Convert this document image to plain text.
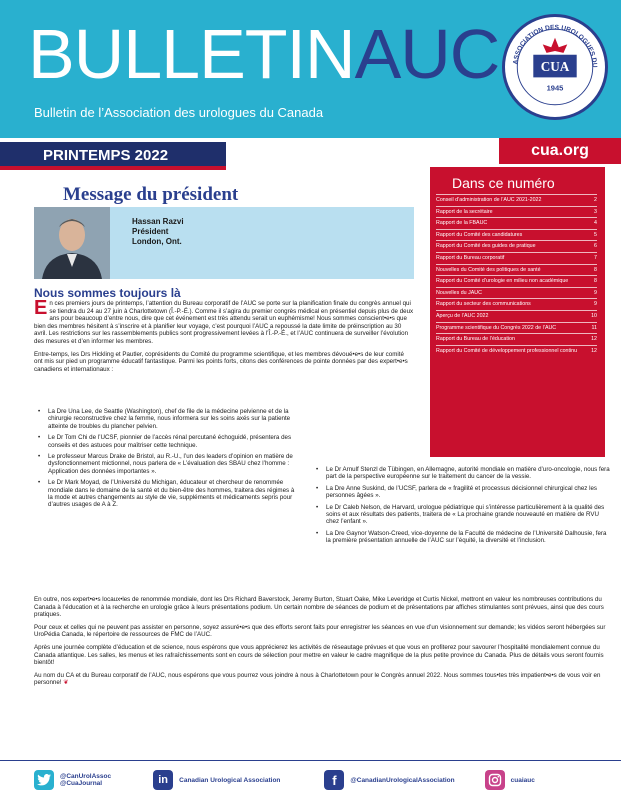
BULLETINAUC
Bulletin de l’Association des urologues du Canada
CUA
1945
ASSOCIATION DES UROLOGUES DU
PRINTEMPS 2022	cua.org
Message du président
Hassan Razvi
Président
London, Ont.
Nous sommes toujours là

En ces premiers jours de printemps, l’attention du Bureau corporatif de l’AUC se porte sur la planification finale du congrès annuel qui se tiendra du 24 au 27 juin à Charlottetown (Î.-P.-É.). Comme il s’agira du premier congrès médical en présentiel depuis plus de deux ans pour beaucoup d’entre nous, dire que cet événement est très attendu serait un euphémisme! Nous sommes conscient•e•s que bien des membres hésitent à s’inscrire et à planifier leur voyage, c’est pourquoi l’AUC a repoussé la date limite de préinscription au 30 avril. Les restrictions sur les rassemblements publics sont progressivement levées à l’Î.-P.-É., et l’AUC continuera de surveiller l’évolution des mesures et d’en informer les membres.

Entre-temps, les Drs Hickling et Pautler, coprésidents du Comité du programme scientifique, et les membres dévoué•e•s de leur comité ont mis sur pied un programme éducatif fantastique. Parmi les points forts, citons des conférences de pointe données par des expert•e•s canadiens et internationaux :

• La Dre Una Lee, de Seattle (Washington), chef de file de la médecine pelvienne et de la chirurgie reconstructive chez la femme, nous informera sur les soins axés sur la patiente atteinte de troubles du plancher pelvien.
• Le Dr Tom Chi de l’UCSF, pionnier de l’accès rénal percutané échoguidé, présentera des conseils et des astuces pour maîtriser cette technique.
• Le professeur Marcus Drake de Bristol, au R.-U., l’un des leaders d’opinion en matière de dysfonctionnement mictionnel, nous parlera de « L’évaluation des SBAU chez l’homme : Application des données importantes ».
• Le Dr Mark Moyad, de l’Université du Michigan, éducateur et chercheur de renommée mondiale dans le domaine de la santé et du bien-être des hommes, traitera des régimes à la mode et autres changements au style de vie, suppléments et médicaments sepris pour d’autres usages de A à Z.
• Le Dr Arnulf Stenzl de Tübingen, en Allemagne, autorité mondiale en matière d’uro-oncologie, nous fera part de la perspective européenne sur le traitement du cancer de la vessie.
• La Dre Anne Suskind, de l’UCSF, parlera de « fragilité et processus décisionnel chirurgical chez les personnes âgées ».
• Le Dr Caleb Nelson, de Harvard, urologue pédiatrique qui s’intéresse particulièrement à la qualité des soins et aux résultats des patients, traitera de « La prochaine grande nouveauté en matière de RVU chez l’enfant ».
• La Dre Gaynor Watson-Creed, vice-doyenne de la Faculté de médecine de l’Université Dalhousie, fera la première présentation annuelle de l’AUC sur l’équité, la diversité et l’inclusion.

En outre, nos expert•e•s locaux•les de renommée mondiale, dont les Drs Richard Baverstock, Jeremy Burton, Stuart Oake, Mike Leveridge et Curtis Nickel, mettront en valeur les nombreuses contributions du Canada à l’éducation et à la recherche en urologie grâce à leurs présentations podium. Un certain nombre de séances de podium et de présentations par affiches stimulantes sont prévues, ainsi que des cours pratiques.

Pour ceux et celles qui ne peuvent pas assister en personne, soyez assuré•e•s que des efforts seront faits pour enregistrer les séances en vue d’un visionnement sur demande; les vidéos seront hébergées sur UroPédia Canada, le répertoire de ressources de FMC de l’AUC.

Après une journée complète d’éducation et de science, nous espérons que vous apprécierez les activités de réseautage prévues et que vous en profiterez pour savourer l’hospitalité mondialement connue du Canada atlantique. Les salles, les menus et les rafraîchissements sont en cours de sélection pour mettre en valeur le cadre magnifique de la plus petite province du Canada. Plus de détails vous seront fournis bientôt!

Au nom du CA et du Bureau corporatif de l’AUC, nous espérons que vous pourrez vous joindre à nous à Charlottetown pour le Congrès annuel 2022. Nous sommes tous•tes très impatient•e•s de vous voir en personne! ❦

Dans ce numéro
Conseil d’administration de l’AUC 2021-2022	2
Rapport de la secrétaire	3
Rapport de la FBAUC	4
Rapport du Comité des candidatures	5
Rapport du Comité des guides de pratique	6
Rapport du Bureau corporatif	7
Nouvelles du Comité des politiques de santé	8
Rapport du Comité d’urologie en milieu non académique	8
Nouvelles du JAUC	9
Rapport du secteur des communications	9
Aperçu de l’AUC 2022	10
Programme scientifique du Congrès 2022 de l’AUC	11
Rapport du Bureau de l’éducation	12
Rapport du Comité de développement professionnel continu	12
@CanUrolAssoc
@CuaJournal	in	Canadian Urological Association	f	@CanadianUrologicalAssociation	cuaiauc
